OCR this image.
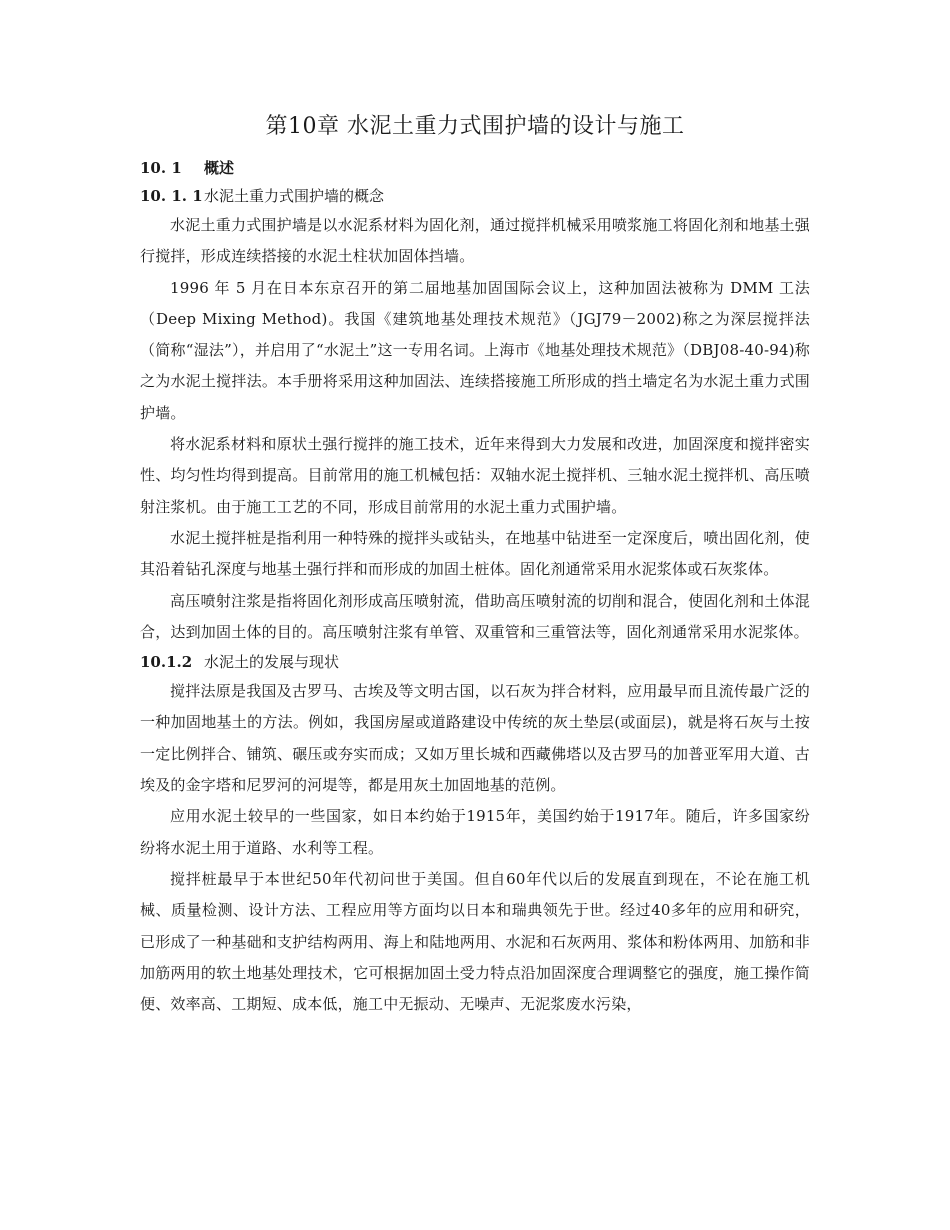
第10章 水泥土重力式围护墙的设计与施工
10. 1	概述
10. 1. 1 水泥土重力式围护墙的概念

水泥土重力式围护墙是以水泥系材料为固化剂，通过搅拌机械采用喷浆施工将固化剂和地基土强行搅拌，形成连续搭接的水泥土柱状加固体挡墙。

1996 年 5 月在日本东京召开的第二届地基加固国际会议上，这种加固法被称为 DMM 工法（Deep Mixing Method)。我国《建筑地基处理技术规范》（JGJ79－2002)称之为深层搅拌法（简称“湿法”），并启用了“水泥土”这一专用名词。上海市《地基处理技术规范》（DBJ08-40-94)称之为水泥土搅拌法。本手册将采用这种加固法、连续搭接施工所形成的挡土墙定名为水泥土重力式围护墙。

将水泥系材料和原状土强行搅拌的施工技术，近年来得到大力发展和改进，加固深度和搅拌密实性、均匀性均得到提高。目前常用的施工机械包括：双轴水泥土搅拌机、三轴水泥土搅拌机、高压喷射注浆机。由于施工工艺的不同，形成目前常用的水泥土重力式围护墙。

水泥土搅拌桩是指利用一种特殊的搅拌头或钻头，在地基中钻进至一定深度后，喷出固化剂，使其沿着钻孔深度与地基土强行拌和而形成的加固土桩体。固化剂通常采用水泥浆体或石灰浆体。

高压喷射注浆是指将固化剂形成高压喷射流，借助高压喷射流的切削和混合，使固化剂和土体混合，达到加固土体的目的。高压喷射注浆有单管、双重管和三重管法等，固化剂通常采用水泥浆体。

10.1.2 水泥土的发展与现状

搅拌法原是我国及古罗马、古埃及等文明古国，以石灰为拌合材料，应用最早而且流传最广泛的一种加固地基土的方法。例如，我国房屋或道路建设中传统的灰土垫层(或面层)，就是将石灰与土按一定比例拌合、铺筑、碾压或夯实而成；又如万里长城和西藏佛塔以及古罗马的加普亚军用大道、古埃及的金字塔和尼罗河的河堤等，都是用灰土加固地基的范例。

应用水泥土较早的一些国家，如日本约始于1915年，美国约始于1917年。随后，许多国家纷纷将水泥土用于道路、水利等工程。

搅拌桩最早于本世纪50年代初问世于美国。但自60年代以后的发展直到现在，不论在施工机械、质量检测、设计方法、工程应用等方面均以日本和瑞典领先于世。经过40多年的应用和研究，已形成了一种基础和支护结构两用、海上和陆地两用、水泥和石灰两用、浆体和粉体两用、加筋和非加筋两用的软土地基处理技术，它可根据加固土受力特点沿加固深度合理调整它的强度，施工操作简便、效率高、工期短、成本低，施工中无振动、无噪声、无泥浆废水污染，
